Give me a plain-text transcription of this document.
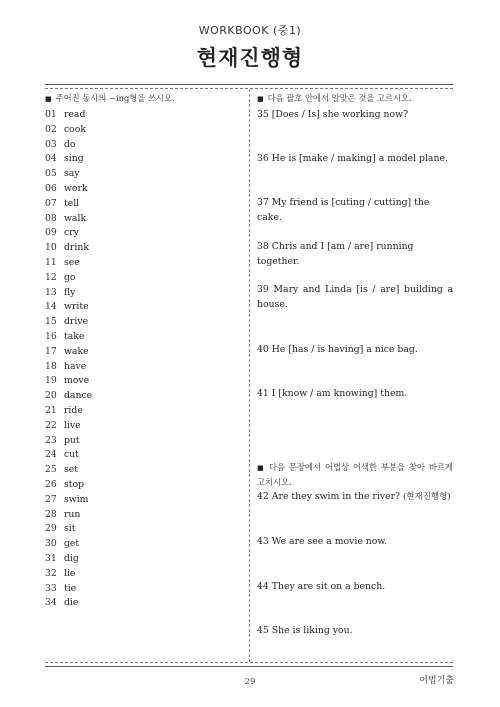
WORKBOOK (중1)
현재진행형
■ 주어진 동사의 ~ing형을 쓰시오.
01 read
02 cook
03 do
04 sing
05 say
06 work
07 tell
08 walk
09 cry
10 drink
11 see
12 go
13 fly
14 write
15 drive
16 take
17 wake
18 have
19 move
20 dance
21 ride
22 live
23 put
24 cut
25 set
26 stop
27 swim
28 run
29 sit
30 get
31 dig
32 lie
33 tie
34 die
■ 다음 괄호 안에서 알맞은 것을 고르시오.
35 [Does / Is] she working now?
36 He is [make / making] a model plane.
37 My friend is [cuting / cutting] the cake.
38 Chris and I [am / are] running together.
39 Mary and Linda [is / are] building a house.
40 He [has / is having] a nice bag.
41 I [know / am knowing] them.
■ 다음 문장에서 어법상 어색한 부분을 찾아 바르게 고치시오.
42 Are they swim in the river? (현재진행형)
43 We are see a movie now.
44 They are sit on a bench.
45 She is liking you.
29	어법기출
